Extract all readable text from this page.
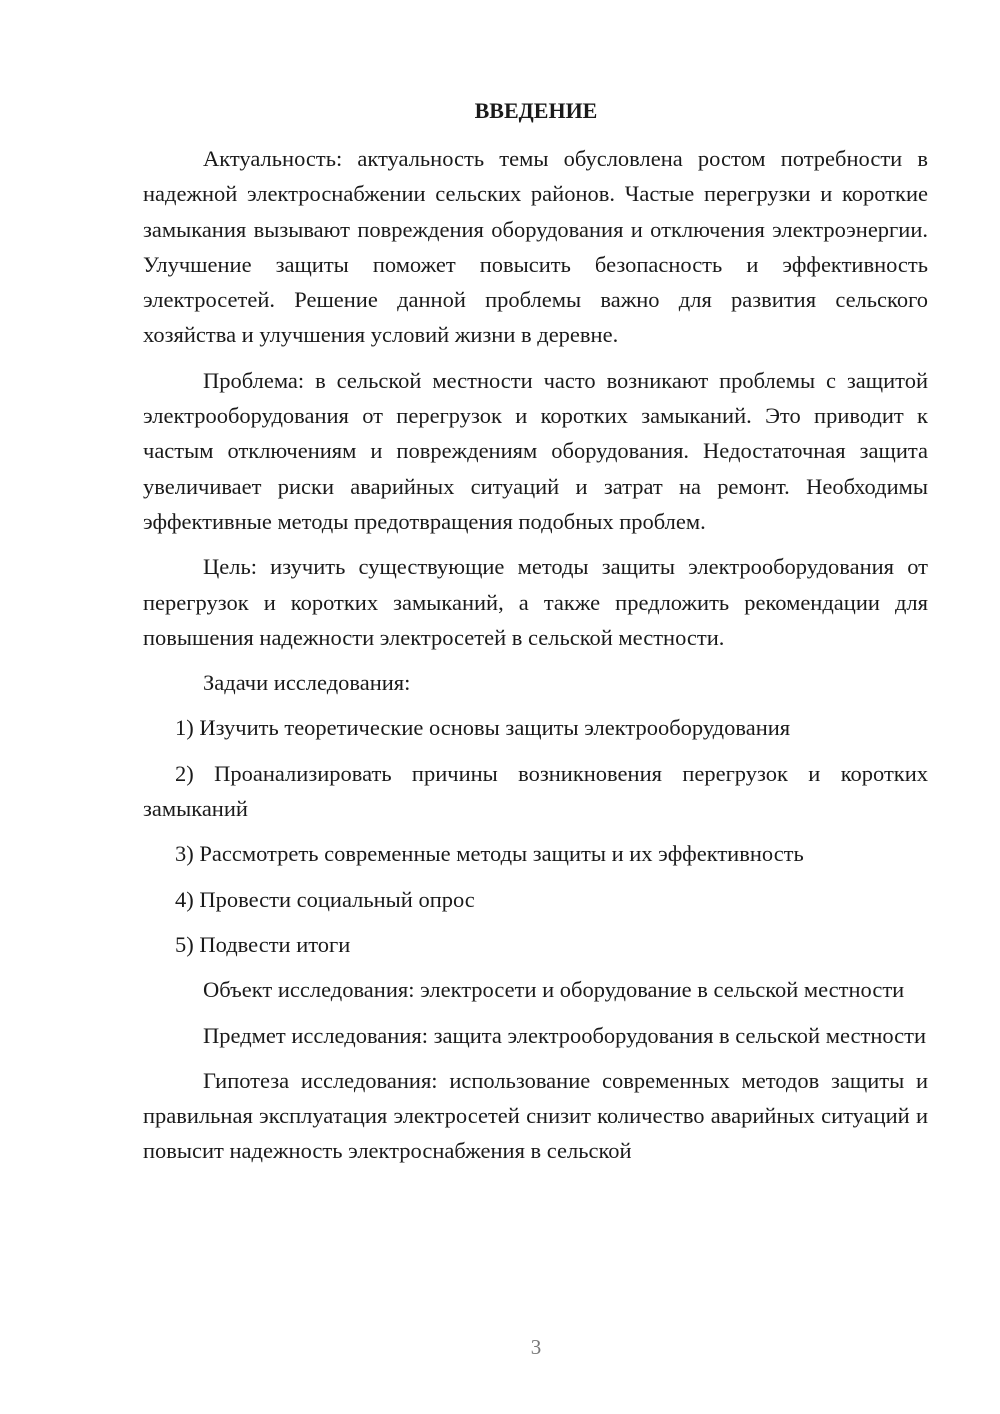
ВВЕДЕНИЕ

Актуальность: актуальность темы обусловлена ростом потребности в надежной электроснабжении сельских районов. Частые перегрузки и короткие замыкания вызывают повреждения оборудования и отключения электроэнергии. Улучшение защиты поможет повысить безопасность и эффективность электросетей. Решение данной проблемы важно для развития сельского хозяйства и улучшения условий жизни в деревне.

Проблема: в сельской местности часто возникают проблемы с защитой электрооборудования от перегрузок и коротких замыканий. Это приводит к частым отключениям и повреждениям оборудования. Недостаточная защита увеличивает риски аварийных ситуаций и затрат на ремонт. Необходимы эффективные методы предотвращения подобных проблем.

Цель: изучить существующие методы защиты электрооборудования от перегрузок и коротких замыканий, а также предложить рекомендации для повышения надежности электросетей в сельской местности.

Задачи исследования:

1) Изучить теоретические основы защиты электрооборудования

2) Проанализировать причины возникновения перегрузок и коротких замыканий

3) Рассмотреть современные методы защиты и их эффективность

4) Провести социальный опрос

5) Подвести итоги

Объект исследования: электросети и оборудование в сельской местности

Предмет исследования: защита электрооборудования в сельской местности

Гипотеза исследования: использование современных методов защиты и правильная эксплуатация электросетей снизит количество аварийных ситуаций и повысит надежность электроснабжения в сельской

3
